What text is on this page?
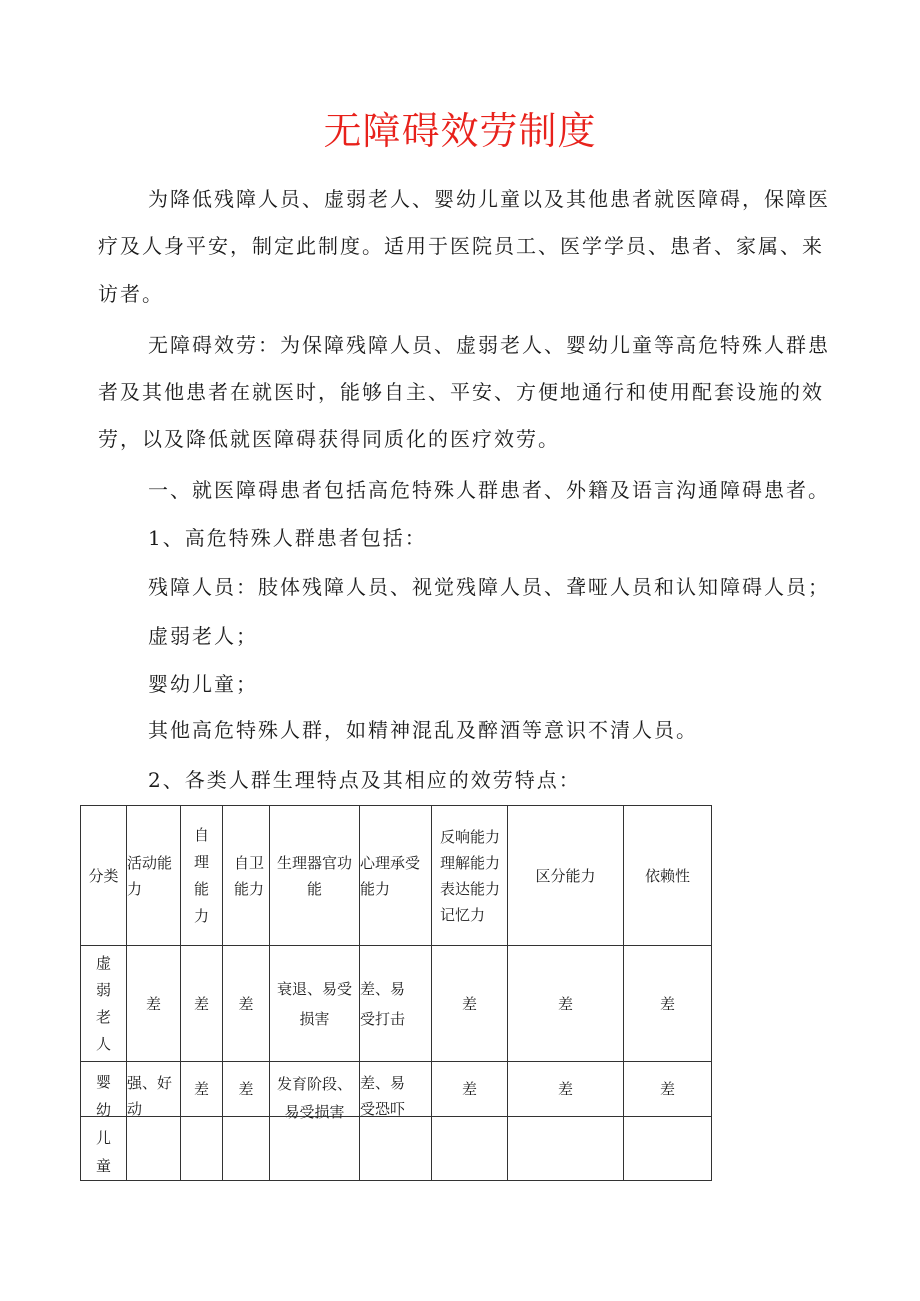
无障碍效劳制度
为降低残障人员、虚弱老人、婴幼儿童以及其他患者就医障碍，保障医
疗及人身平安，制定此制度。适用于医院员工、医学学员、患者、家属、来
访者。
无障碍效劳：为保障残障人员、虚弱老人、婴幼儿童等高危特殊人群患
者及其他患者在就医时，能够自主、平安、方便地通行和使用配套设施的效
劳，以及降低就医障碍获得同质化的医疗效劳。
一、就医障碍患者包括高危特殊人群患者、外籍及语言沟通障碍患者。
1、高危特殊人群患者包括：
残障人员：肢体残障人员、视觉残障人员、聋哑人员和认知障碍人员；
虚弱老人；
婴幼儿童；
其他高危特殊人群，如精神混乱及醉酒等意识不清人员。
2、各类人群生理特点及其相应的效劳特点：
分类	活动能力	自理能力	自卫能力	生理器官功能	心理承受能力	反响能力理解能力表达能力记忆力	区分能力	依赖性
虚弱老人	差	差	差	衰退、易受损害	差、易受打击	差	差	差
婴幼儿童	强、好动	差	差	发育阶段、易受损害	差、易受恐吓	差	差	差
